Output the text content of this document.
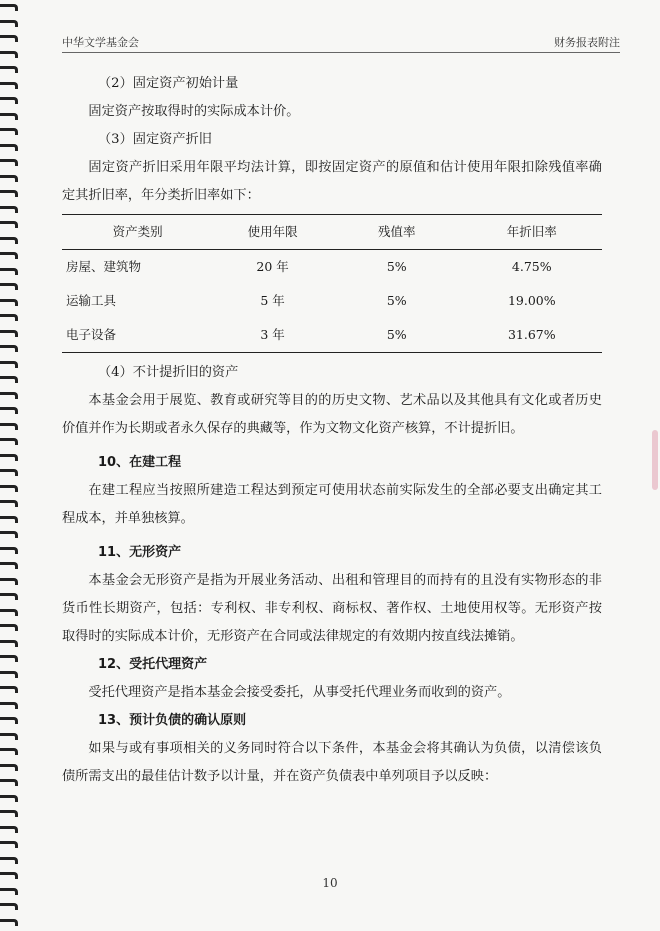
中华文学基金会	财务报表附注

（2）固定资产初始计量

固定资产按取得时的实际成本计价。

（3）固定资产折旧

固定资产折旧采用年限平均法计算，即按固定资产的原值和估计使用年限扣除残值率确定其折旧率，年分类折旧率如下：

资产类别	使用年限	残值率	年折旧率
房屋、建筑物	20 年	5%	4.75%
运输工具	5 年	5%	19.00%
电子设备	3 年	5%	31.67%

（4）不计提折旧的资产

本基金会用于展览、教育或研究等目的的历史文物、艺术品以及其他具有文化或者历史价值并作为长期或者永久保存的典藏等，作为文物文化资产核算，不计提折旧。

10、在建工程

在建工程应当按照所建造工程达到预定可使用状态前实际发生的全部必要支出确定其工程成本，并单独核算。

11、无形资产

本基金会无形资产是指为开展业务活动、出租和管理目的而持有的且没有实物形态的非货币性长期资产，包括：专利权、非专利权、商标权、著作权、土地使用权等。无形资产按取得时的实际成本计价，无形资产在合同或法律规定的有效期内按直线法摊销。

12、受托代理资产

受托代理资产是指本基金会接受委托，从事受托代理业务而收到的资产。

13、预计负债的确认原则

如果与或有事项相关的义务同时符合以下条件，本基金会将其确认为负债，以清偿该负债所需支出的最佳估计数予以计量，并在资产负债表中单列项目予以反映：

10
